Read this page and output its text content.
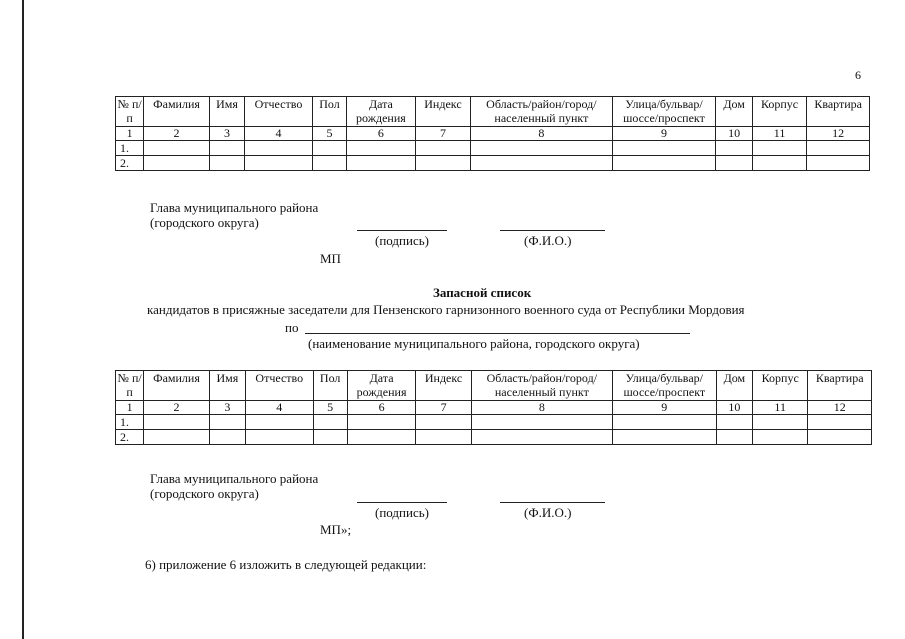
6
№ п/п	Фамилия	Имя	Отчество	Пол	Дата рождения	Индекс	Область/район/город/ населенный пункт	Улица/бульвар/ шоссе/проспект	Дом	Корпус	Квартира
1	2	3	4	5	6	7	8	9	10	11	12
1.											
2.											
Глава муниципального района
(городского округа)
(подпись)	(Ф.И.О.)
МП
Запасной список
кандидатов в присяжные заседатели для Пензенского гарнизонного военного суда от Республики Мордовия
по
(наименование муниципального района, городского округа)
№ п/п	Фамилия	Имя	Отчество	Пол	Дата рождения	Индекс	Область/район/город/ населенный пункт	Улица/бульвар/ шоссе/проспект	Дом	Корпус	Квартира
1	2	3	4	5	6	7	8	9	10	11	12
1.											
2.											
Глава муниципального района
(городского округа)
(подпись)	(Ф.И.О.)
МП»;
6) приложение 6 изложить в следующей редакции:
